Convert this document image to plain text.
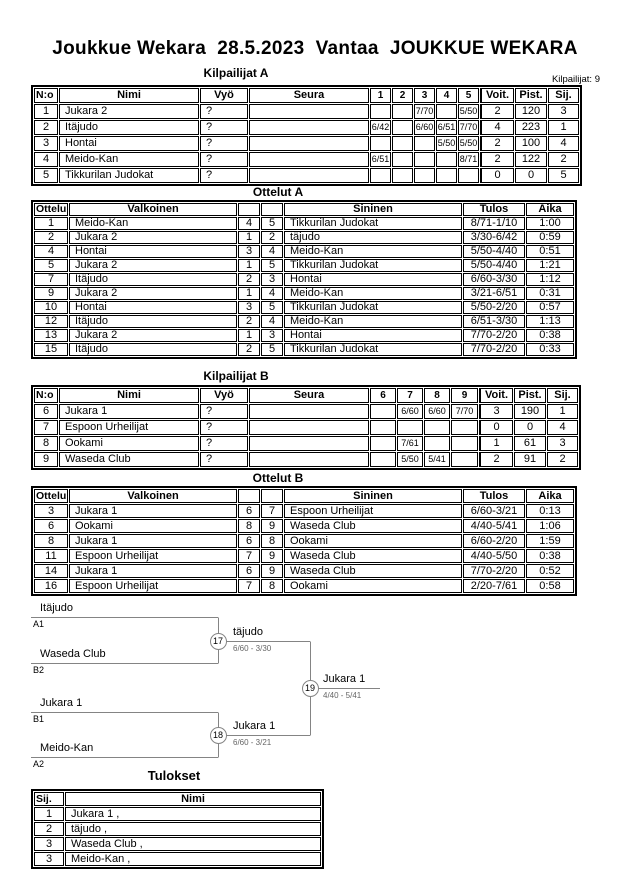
Joukkue Wekara  28.5.2023  Vantaa  JOUKKUE WEKARA
Kilpailijat A	Kilpailijat: 9
N:o	Nimi	Vyö	Seura	1	2	3	4	5	Voit.	Pist.	Sij.
1	Jukara 2	?				7/70		5/50	2	120	3
2	Itäjudo	?		6/42		6/60	6/51	7/70	4	223	1
3	Hontai	?					5/50	5/50	2	100	4
4	Meido-Kan	?		6/51				8/71	2	122	2
5	Tikkurilan Judokat	?							0	0	5
Ottelut A
Ottelu	Valkoinen			Sininen	Tulos	Aika
1	Meido-Kan	4	5	Tikkurilan Judokat	8/71-1/10	1:00
2	Jukara 2	1	2	täjudo	3/30-6/42	0:59
4	Hontai	3	4	Meido-Kan	5/50-4/40	0:51
5	Jukara 2	1	5	Tikkurilan Judokat	5/50-4/40	1:21
7	Itäjudo	2	3	Hontai	6/60-3/30	1:12
9	Jukara 2	1	4	Meido-Kan	3/21-6/51	0:31
10	Hontai	3	5	Tikkurilan Judokat	5/50-2/20	0:57
12	Itäjudo	2	4	Meido-Kan	6/51-3/30	1:13
13	Jukara 2	1	3	Hontai	7/70-2/20	0:38
15	Itäjudo	2	5	Tikkurilan Judokat	7/70-2/20	0:33
Kilpailijat B
N:o	Nimi	Vyö	Seura	6	7	8	9	Voit.	Pist.	Sij.
6	Jukara 1	?			6/60	6/60	7/70	3	190	1
7	Espoon Urheilijat	?						0	0	4
8	Ookami	?			7/61			1	61	3
9	Waseda Club	?			5/50	5/41		2	91	2
Ottelut B
Ottelu	Valkoinen			Sininen	Tulos	Aika
3	Jukara 1	6	7	Espoon Urheilijat	6/60-3/21	0:13
6	Ookami	8	9	Waseda Club	4/40-5/41	1:06
8	Jukara 1	6	8	Ookami	6/60-2/20	1:59
11	Espoon Urheilijat	7	9	Waseda Club	4/40-5/50	0:38
14	Jukara 1	6	9	Waseda Club	7/70-2/20	0:52
16	Espoon Urheilijat	7	8	Ookami	2/20-7/61	0:58
Itäjudo
A1
Waseda Club
B2
17
täjudo
6/60 - 3/30
Jukara 1
B1
Meido-Kan
A2
18
Jukara 1
6/60 - 3/21
19
Jukara 1
4/40 - 5/41
Tulokset
Sij.	Nimi
1	Jukara 1 ,
2	täjudo ,
3	Waseda Club ,
3	Meido-Kan ,
